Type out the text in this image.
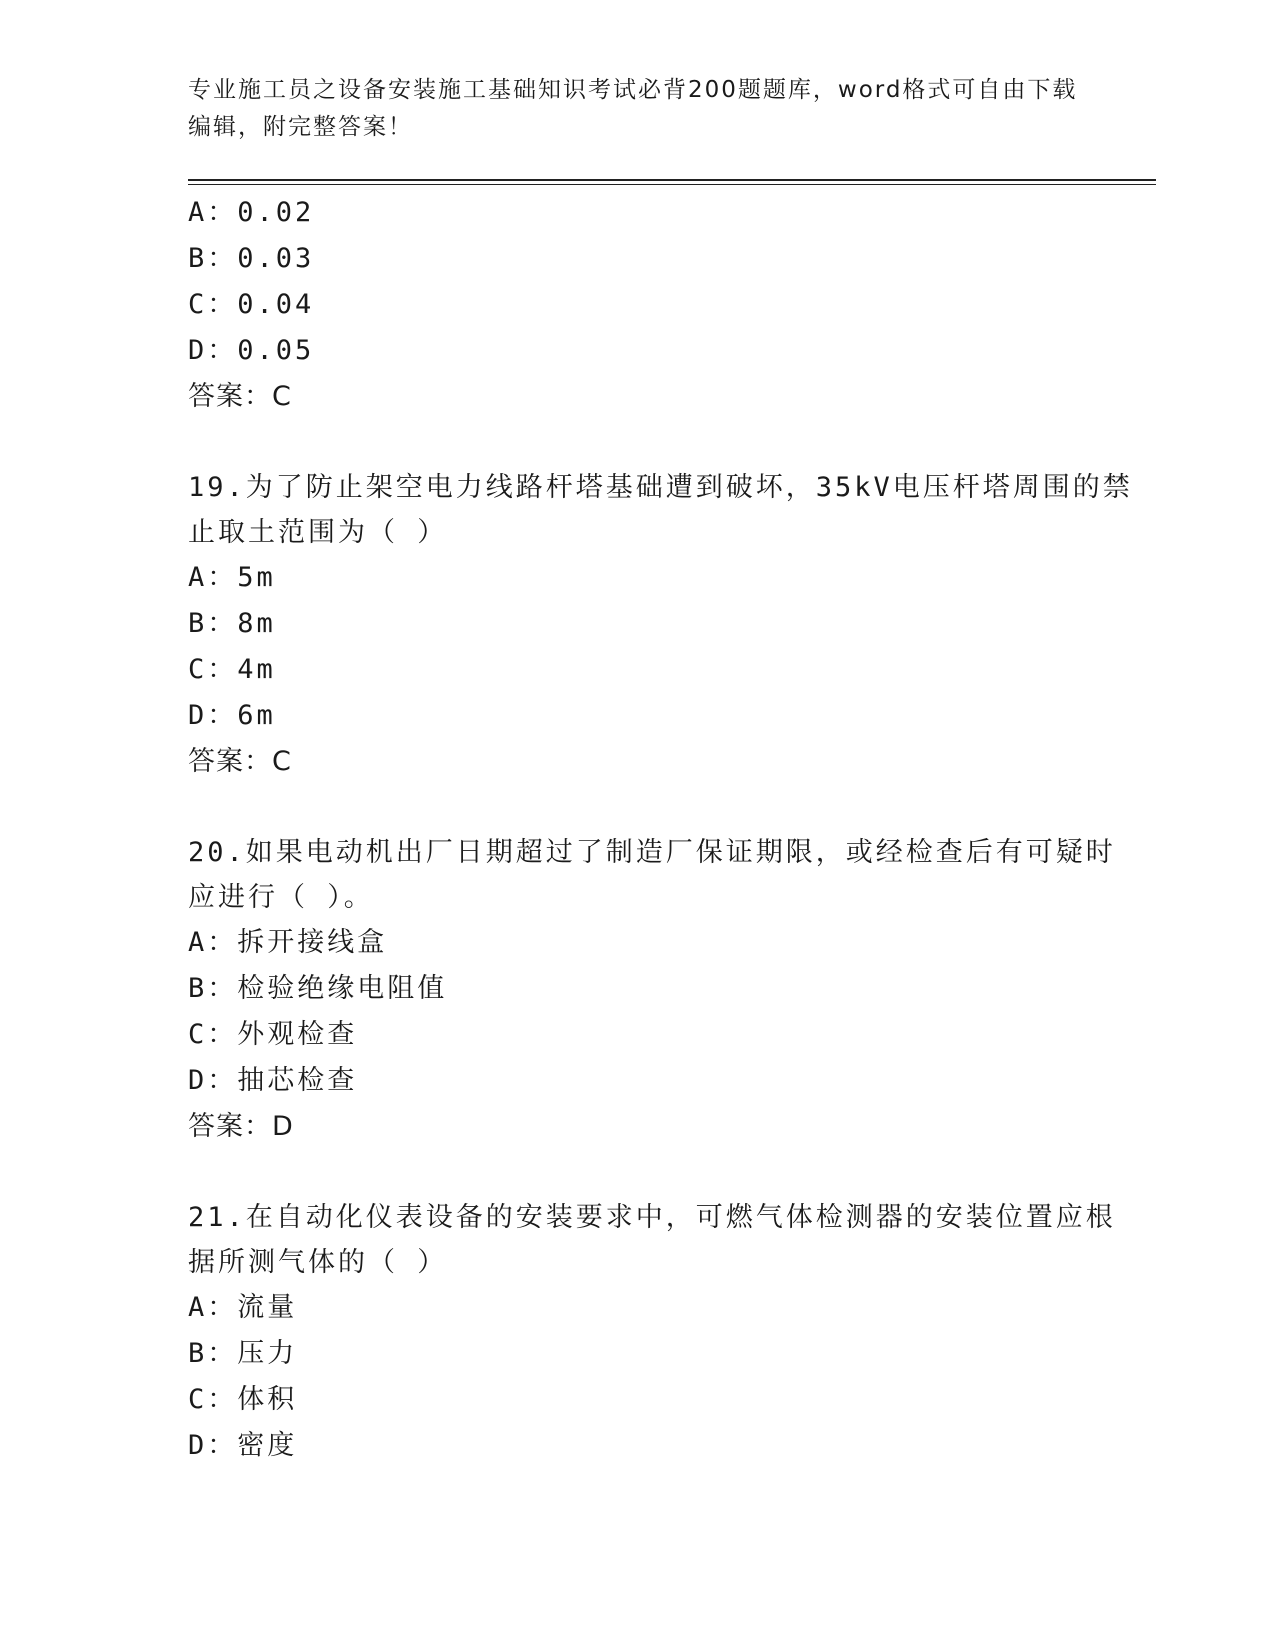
专业施工员之设备安装施工基础知识考试必背200题题库，word格式可自由下载
编辑，附完整答案！
A：0.02
B：0.03
C：0.04
D：0.05
答案：C
19.为了防止架空电力线路杆塔基础遭到破坏，35kV电压杆塔周围的禁
止取土范围为（ ）
A：5m
B：8m
C：4m
D：6m
答案：C
20.如果电动机出厂日期超过了制造厂保证期限，或经检查后有可疑时
应进行（ ）。
A：拆开接线盒
B：检验绝缘电阻值
C：外观检查
D：抽芯检查
答案：D
21.在自动化仪表设备的安装要求中，可燃气体检测器的安装位置应根
据所测气体的（ ）
A：流量
B：压力
C：体积
D：密度
